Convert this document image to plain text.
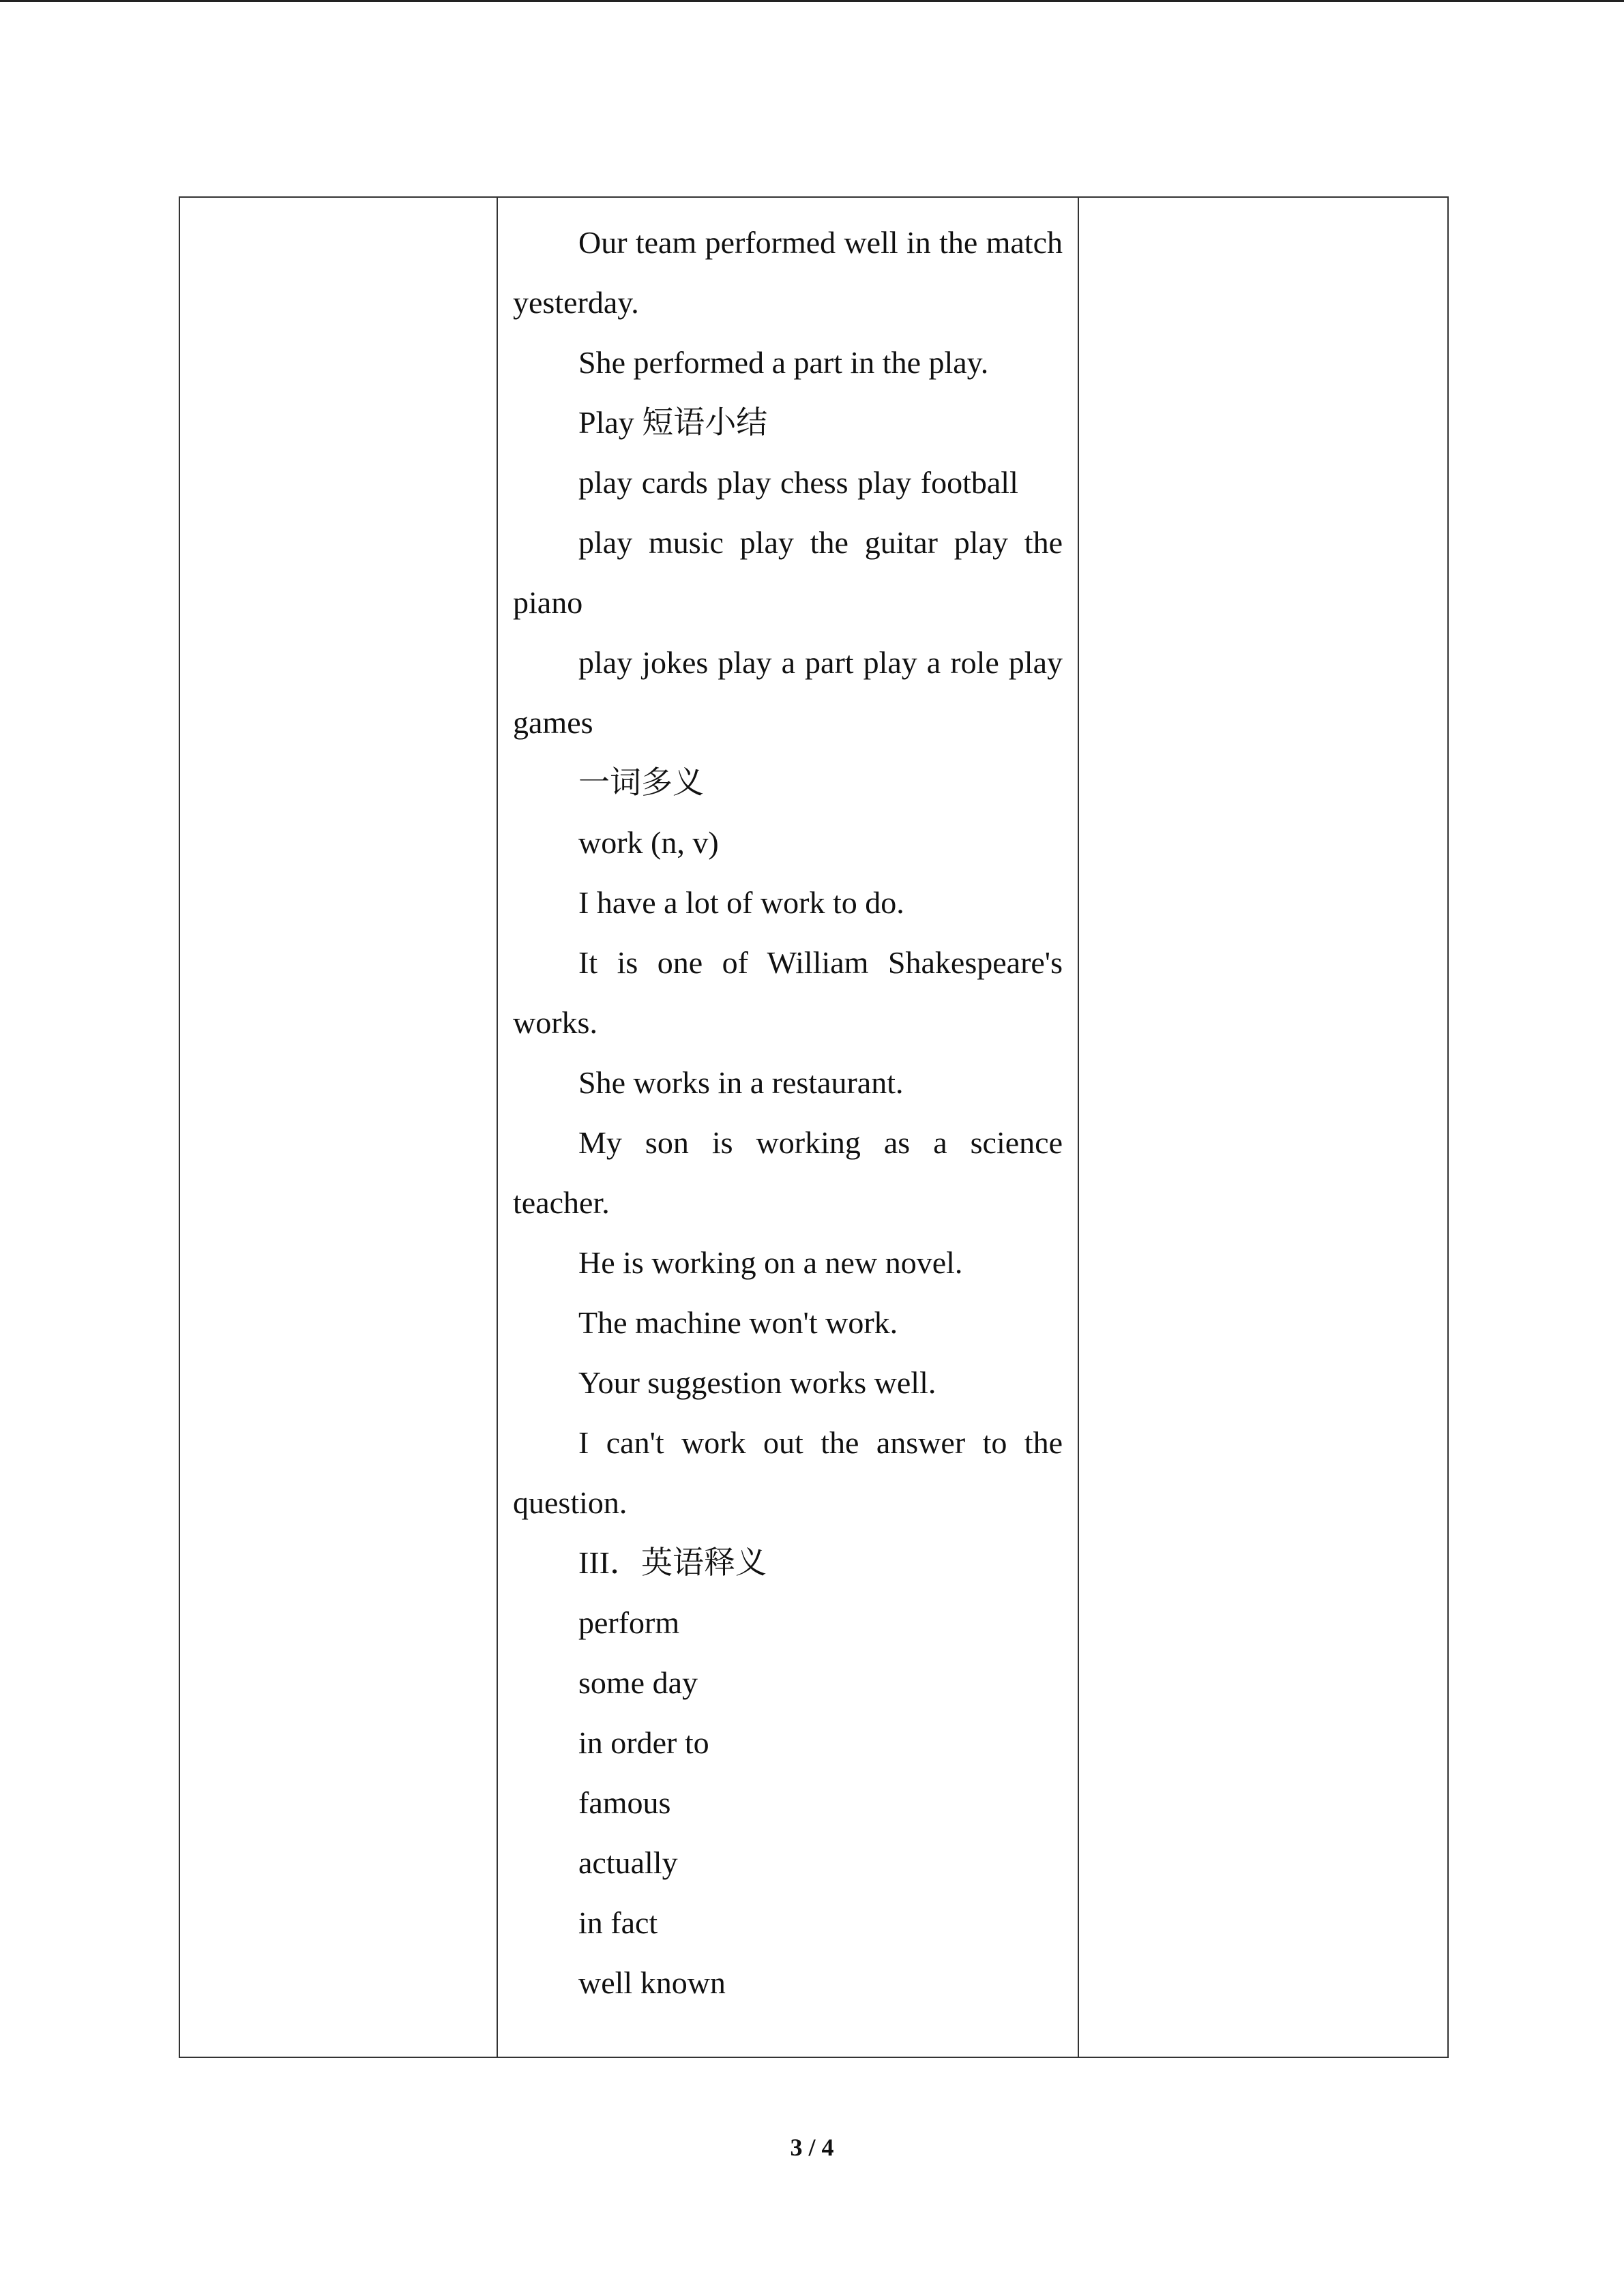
Our team performed well in the match yesterday.

She performed a part in the play.

Play 短语小结

play cards play chess play football

play music play the guitar play the piano

play jokes play a part play a role play games

一词多义

work (n, v)

I have a lot of work to do.

It is one of William Shakespeare's works.

She works in a restaurant.

My son is working as a science teacher.

He is working on a new novel.

The machine won't work.

Your suggestion works well.

I can't work out the answer to the question.

III．英语释义

perform

some day

in order to

famous

actually

in fact

well known

3 / 4
